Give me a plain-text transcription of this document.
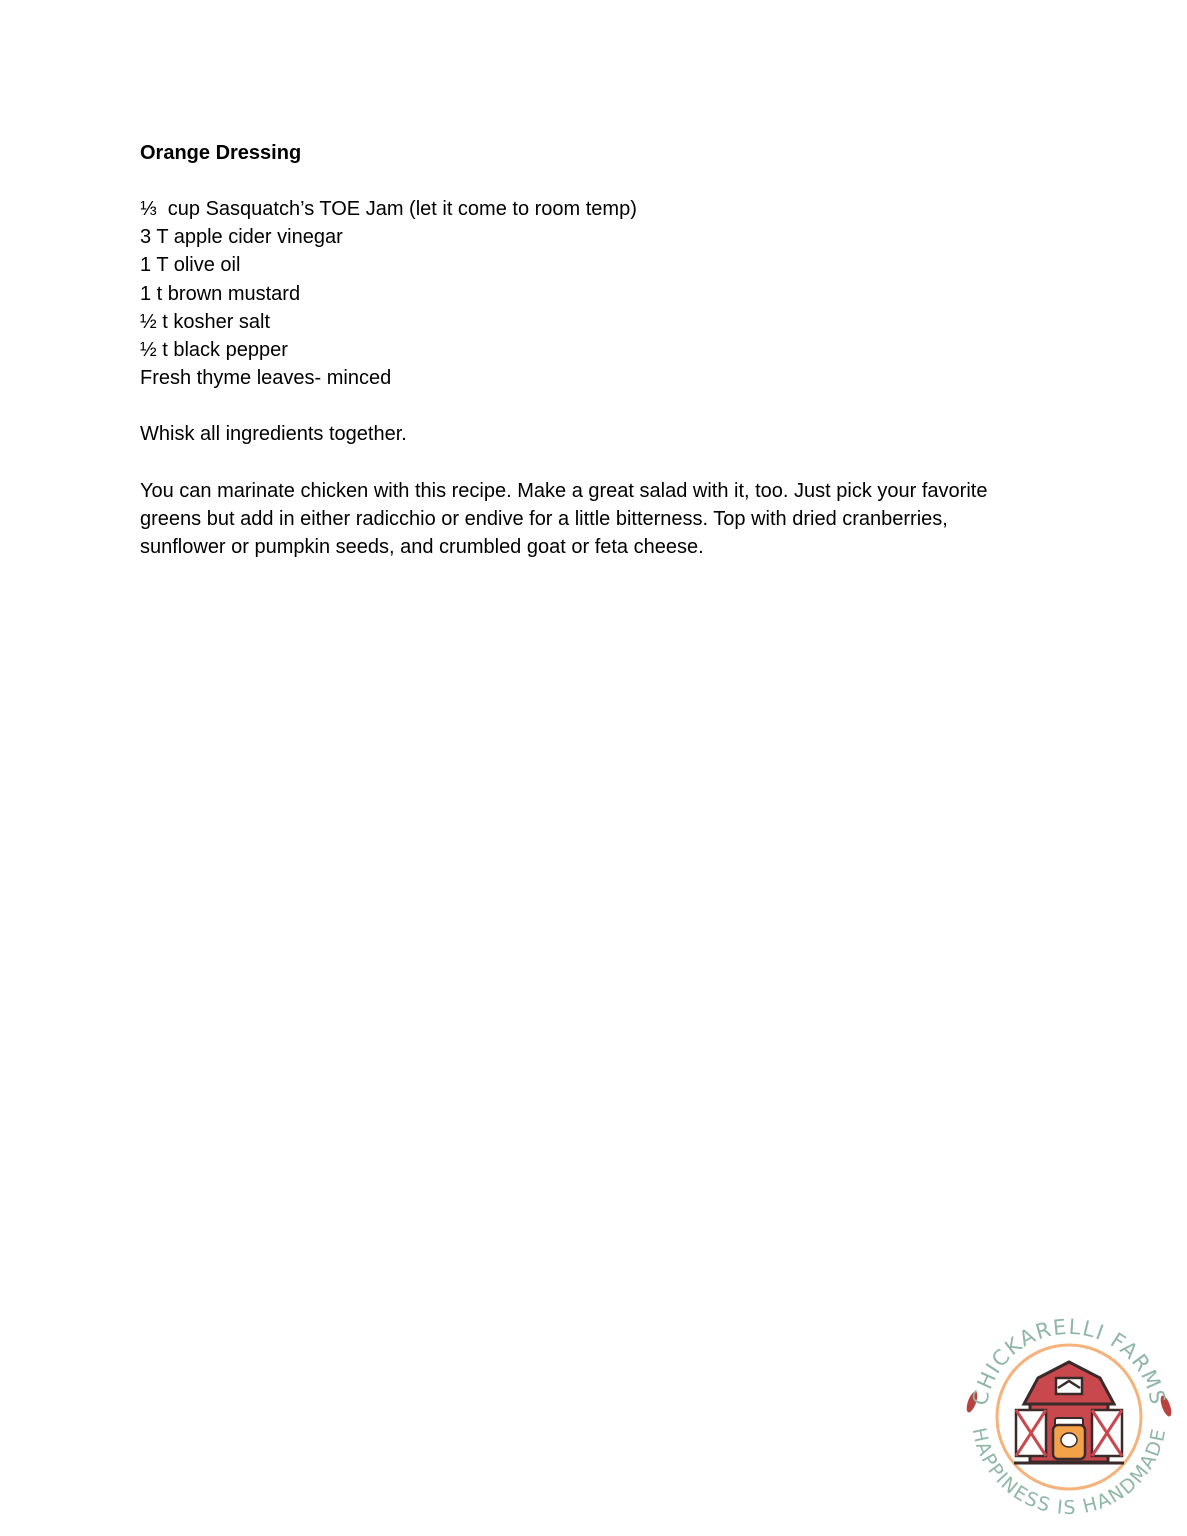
Orange Dressing
⅓  cup Sasquatch’s TOE Jam (let it come to room temp)
3 T apple cider vinegar
1 T olive oil
1 t brown mustard
½ t kosher salt
½ t black pepper
Fresh thyme leaves- minced

Whisk all ingredients together.

You can marinate chicken with this recipe. Make a great salad with it, too. Just pick your favorite greens but add in either radicchio or endive for a little bitterness. Top with dried cranberries, sunflower or pumpkin seeds, and crumbled goat or feta cheese.

CHICKARELLI FARMS
HAPPINESS IS HANDMADE
